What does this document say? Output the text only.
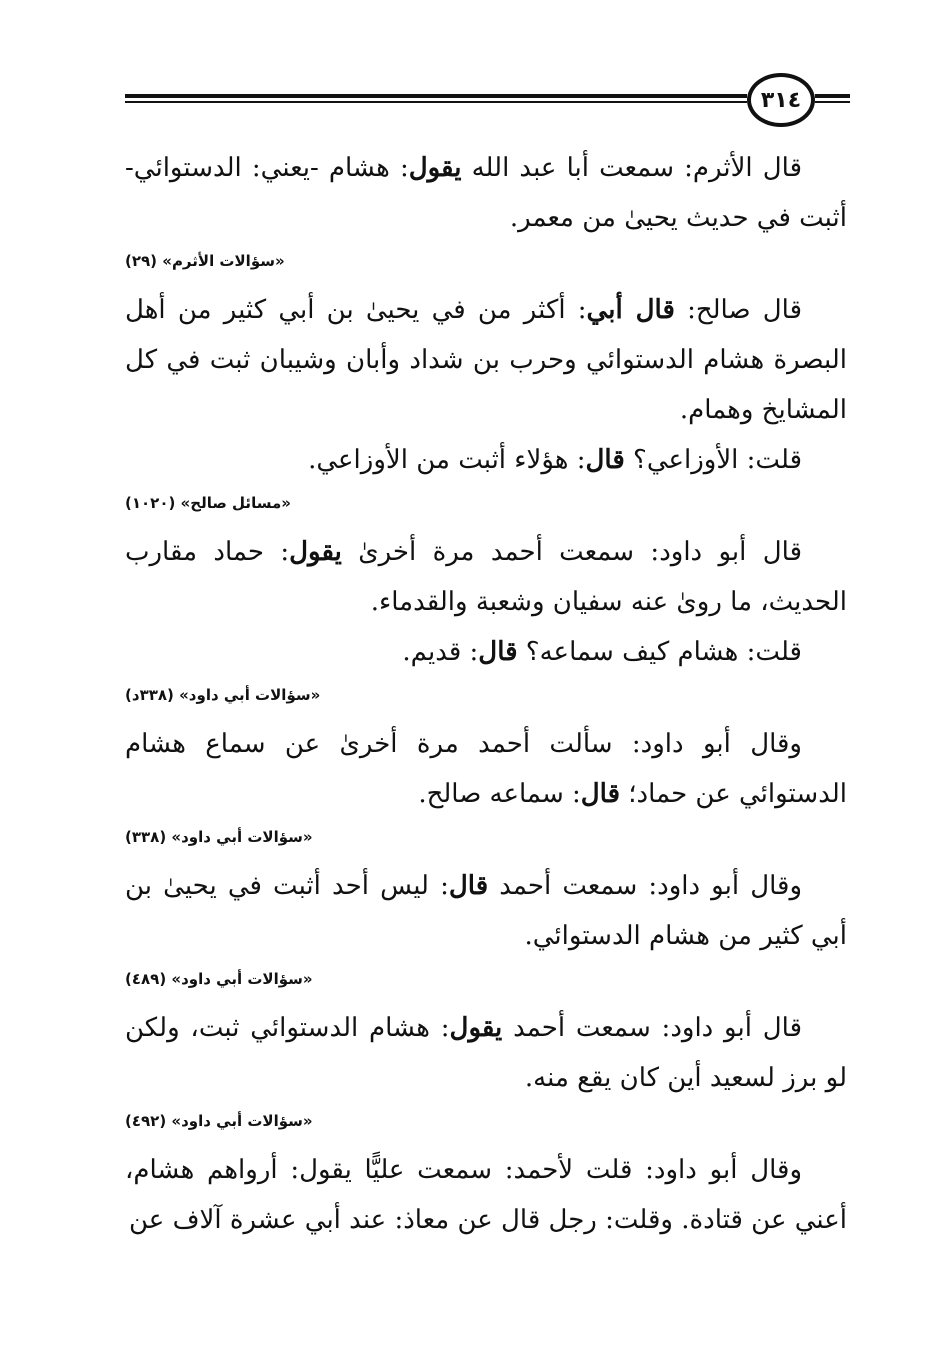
٣١٤

قال الأثرم: سمعت أبا عبد الله يقول: هشام -يعني: الدستوائي- أثبت في حديث يحيىٰ من معمر.

«سؤالات الأثرم» (٢٩)

قال صالح: قال أبي: أكثر من في يحيىٰ بن أبي كثير من أهل البصرة هشام الدستوائي وحرب بن شداد وأبان وشيبان ثبت في كل المشايخ وهمام.

قلت: الأوزاعي؟ قال: هؤلاء أثبت من الأوزاعي.

«مسائل صالح» (١٠٢٠)

قال أبو داود: سمعت أحمد مرة أخرىٰ يقول: حماد مقارب الحديث، ما روىٰ عنه سفيان وشعبة والقدماء.

قلت: هشام كيف سماعه؟ قال: قديم.

«سؤالات أبي داود» (٣٣٨د)

وقال أبو داود: سألت أحمد مرة أخرىٰ عن سماع هشام الدستوائي عن حماد؛ قال: سماعه صالح.

«سؤالات أبي داود» (٣٣٨)

وقال أبو داود: سمعت أحمد قال: ليس أحد أثبت في يحيىٰ بن أبي كثير من هشام الدستوائي.

«سؤالات أبي داود» (٤٨٩)

قال أبو داود: سمعت أحمد يقول: هشام الدستوائي ثبت، ولكن لو برز لسعيد أين كان يقع منه.

«سؤالات أبي داود» (٤٩٢)

وقال أبو داود: قلت لأحمد: سمعت عليًّا يقول: أرواهم هشام، أعني عن قتادة. وقلت: رجل قال عن معاذ: عند أبي عشرة آلاف عن
